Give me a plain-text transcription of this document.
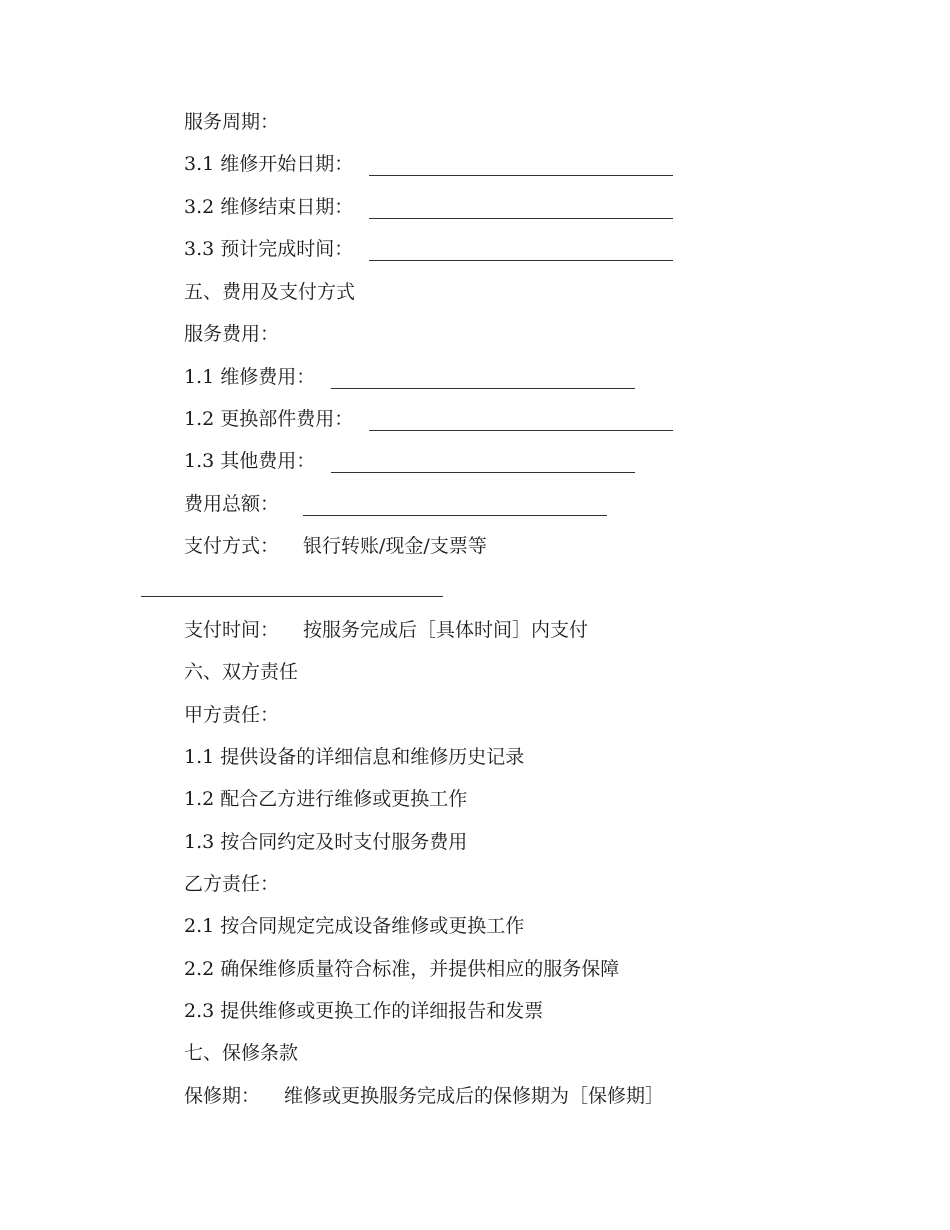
服务周期：
3.1 维修开始日期：
3.2 维修结束日期：
3.3 预计完成时间：
五、费用及支付方式
服务费用：
1.1 维修费用：
1.2 更换部件费用：
1.3 其他费用：
费用总额：
支付方式： 银行转账/现金/支票等
支付时间： 按服务完成后［具体时间］内支付
六、双方责任
甲方责任：
1.1 提供设备的详细信息和维修历史记录
1.2 配合乙方进行维修或更换工作
1.3 按合同约定及时支付服务费用
乙方责任：
2.1 按合同规定完成设备维修或更换工作
2.2 确保维修质量符合标准，并提供相应的服务保障
2.3 提供维修或更换工作的详细报告和发票
七、保修条款
保修期： 维修或更换服务完成后的保修期为［保修期］
